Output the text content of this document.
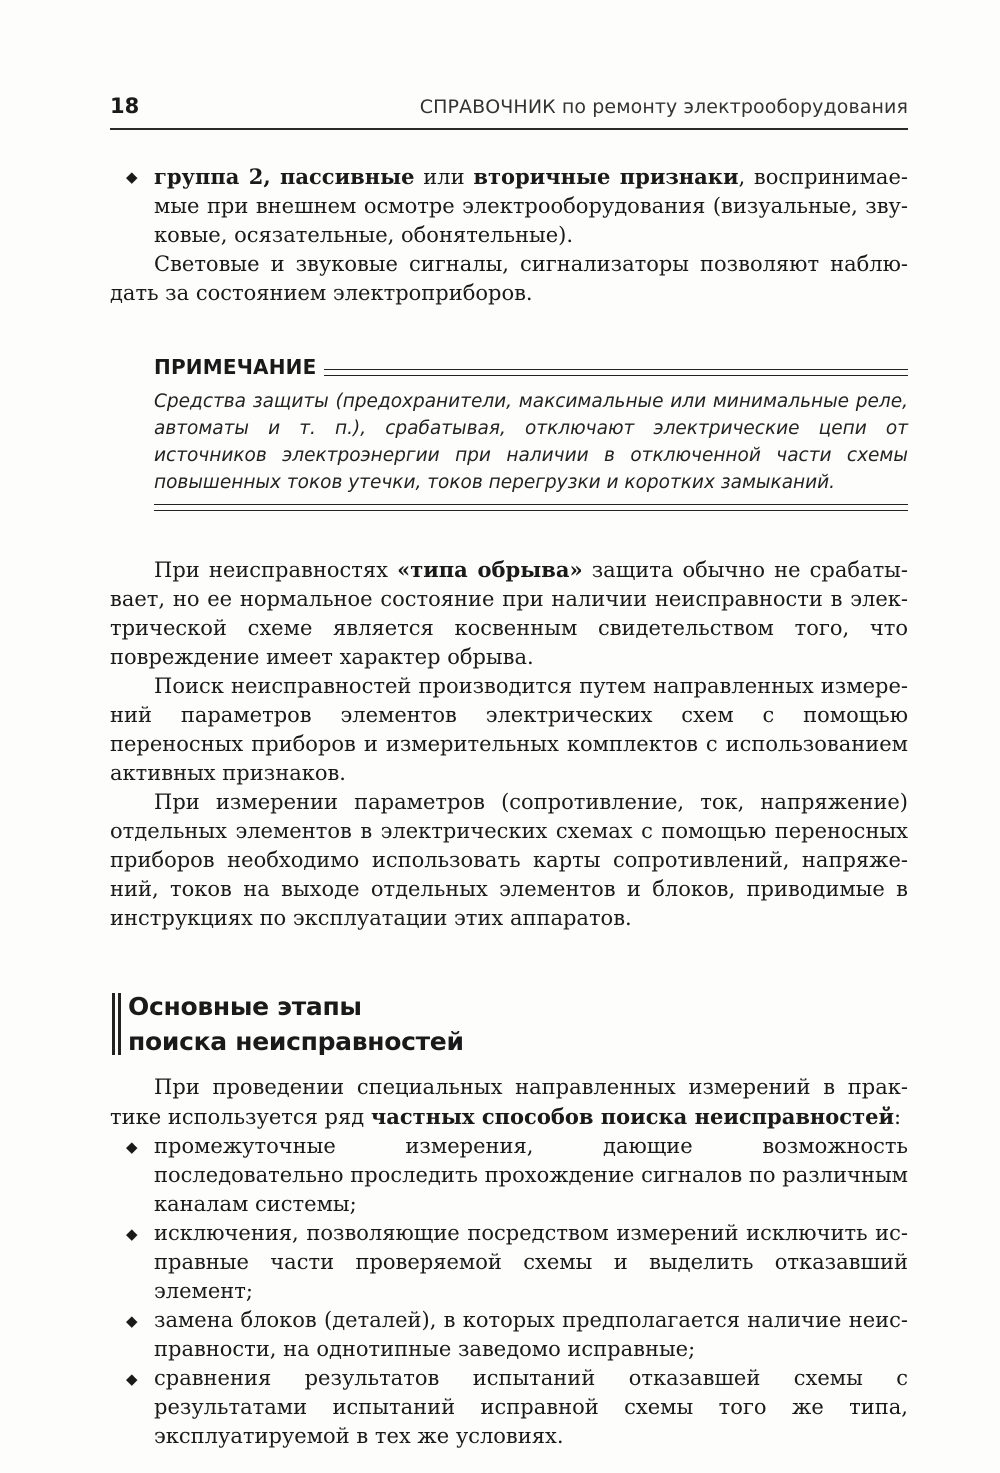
18	СПРАВОЧНИК по ремонту электрооборудования
◆ группа 2, пассивные или вторичные признаки, воспринимаемые при внешнем осмотре электрооборудования (визуальные, звуковые, осязательные, обонятельные).

Световые и звуковые сигналы, сигнализаторы позволяют наблюдать за состоянием электроприборов.

ПРИМЕЧАНИЕ
Средства защиты (предохранители, максимальные или минимальные реле, автоматы и т. п.), срабатывая, отключают электрические цепи от источников электроэнергии при наличии в отключенной части схемы повышенных токов утечки, токов перегрузки и коротких замыканий.

При неисправностях «типа обрыва» защита обычно не срабатывает, но ее нормальное состояние при наличии неисправности в электрической схеме является косвенным свидетельством того, что повреждение имеет характер обрыва.

Поиск неисправностей производится путем направленных измерений параметров элементов электрических схем с помощью переносных приборов и измерительных комплектов с использованием активных признаков.

При измерении параметров (сопротивление, ток, напряжение) отдельных элементов в электрических схемах с помощью переносных приборов необходимо использовать карты сопротивлений, напряжений, токов на выходе отдельных элементов и блоков, приводимые в инструкциях по эксплуатации этих аппаратов.

Основные этапы
поиска неисправностей

При проведении специальных направленных измерений в практике используется ряд частных способов поиска неисправностей:

◆ промежуточные измерения, дающие возможность последовательно проследить прохождение сигналов по различным каналам системы;
◆ исключения, позволяющие посредством измерений исключить исправные части проверяемой схемы и выделить отказавший элемент;
◆ замена блоков (деталей), в которых предполагается наличие неисправности, на однотипные заведомо исправные;
◆ сравнения результатов испытаний отказавшей схемы с результатами испытаний исправной схемы того же типа, эксплуатируемой в тех же условиях.
